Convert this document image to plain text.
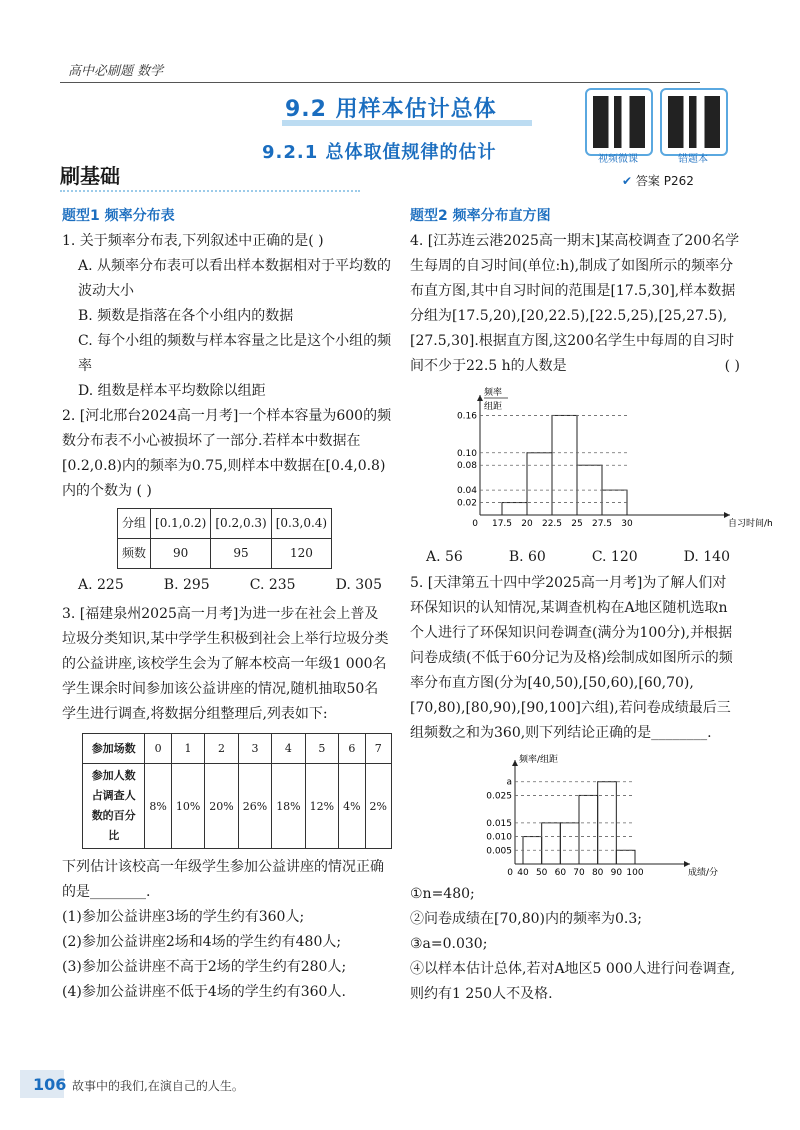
高中必刷题 数学
9.2 用样本估计总体
9.2.1 总体取值规律的估计	视频微课	错题本
刷基础	✔ 答案 P262
题型1 频率分布表
1. 关于频率分布表,下列叙述中正确的是( )
A. 从频率分布表可以看出样本数据相对于平均数的波动大小
B. 频数是指落在各个小组内的数据
C. 每个小组的频数与样本容量之比是这个小组的频率
D. 组数是样本平均数除以组距
2. [河北邢台2024高一月考]一个样本容量为600的频数分布表不小心被损坏了一部分.若样本中数据在[0.2,0.8)内的频率为0.75,则样本中数据在[0.4,0.8)内的个数为 ( )
分组	[0.1,0.2)	[0.2,0.3)	[0.3,0.4)
频数	90	95	120
A. 225	B. 295	C. 235	D. 305
3. [福建泉州2025高一月考]为进一步在社会上普及垃圾分类知识,某中学学生积极到社会上举行垃圾分类的公益讲座,该校学生会为了解本校高一年级1 000名学生课余时间参加该公益讲座的情况,随机抽取50名学生进行调查,将数据分组整理后,列表如下:
参加场数	0	1	2	3	4	5	6	7
参加人数占调查人数的百分比	8%	10%	20%	26%	18%	12%	4%	2%
下列估计该校高一年级学生参加公益讲座的情况正确的是________.
(1)参加公益讲座3场的学生约有360人;
(2)参加公益讲座2场和4场的学生约有480人;
(3)参加公益讲座不高于2场的学生约有280人;
(4)参加公益讲座不低于4场的学生约有360人.
题型2 频率分布直方图
4. [江苏连云港2025高一期末]某高校调查了200名学生每周的自习时间(单位:h),制成了如图所示的频率分布直方图,其中自习时间的范围是[17.5,30],样本数据分组为[17.5,20),[20,22.5),[22.5,25),[25,27.5),[27.5,30].根据直方图,这200名学生中每周的自习时间不少于22.5 h的人数是	( )
0.02
0.04
0.08
0.10
0.16
0 17.5 20 22.5 25 27.5 30	自习时间/h
频率
组距
A. 56	B. 60	C. 120	D. 140
5. [天津第五十四中学2025高一月考]为了解人们对环保知识的认知情况,某调查机构在A地区随机选取n个人进行了环保知识问卷调查(满分为100分),并根据问卷成绩(不低于60分记为及格)绘制成如图所示的频率分布直方图(分为[40,50),[50,60),[60,70),[70,80),[80,90),[90,100]六组),若问卷成绩最后三组频数之和为360,则下列结论正确的是________.
0.005
0.010
0.015
0.025
a
0 40 50 60 70 80 90 100	成绩/分
频率/组距
①n=480;
②问卷成绩在[70,80)内的频率为0.3;
③a=0.030;
④以样本估计总体,若对A地区5 000人进行问卷调查,则约有1 250人不及格.
106 故事中的我们,在演自己的人生。
